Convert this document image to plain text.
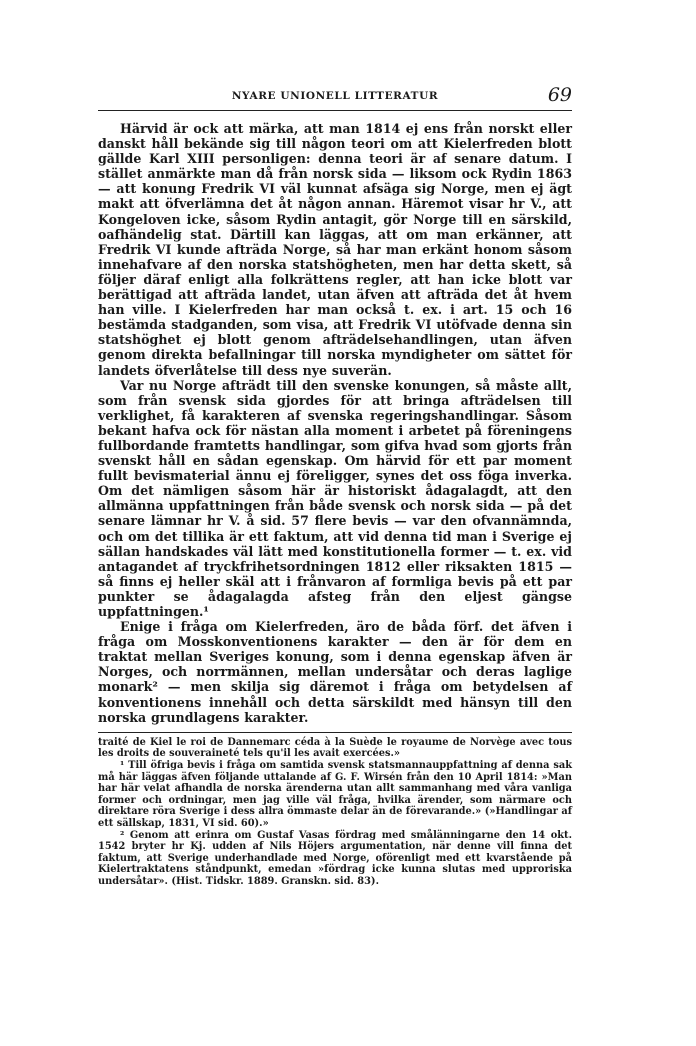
NYARE UNIONELL LITTERATUR	69

Härvid är ock att märka, att man 1814 ej ens från norskt eller danskt håll bekände sig till någon teori om att Kielerfreden blott gällde Karl XIII personligen: denna teori är af senare datum. I stället anmärkte man då från norsk sida — liksom ock Rydin 1863 — att konung Fredrik VI väl kunnat afsäga sig Norge, men ej ägt makt att öfverlämna det åt någon annan. Häremot visar hr V., att Kongeloven icke, såsom Rydin antagit, gör Norge till en särskild, oafhändelig stat. Därtill kan läggas, att om man erkänner, att Fredrik VI kunde afträda Norge, så har man erkänt honom såsom innehafvare af den norska statshögheten, men har detta skett, så följer däraf enligt alla folkrättens regler, att han icke blott var berättigad att afträda landet, utan äfven att afträda det åt hvem han ville. I Kielerfreden har man också t. ex. i art. 15 och 16 bestämda stadganden, som visa, att Fredrik VI utöfvade denna sin statshöghet ej blott genom afträdelsehandlingen, utan äfven genom direkta befallningar till norska myndigheter om sättet för landets öfverlåtelse till dess nye suverän.

Var nu Norge afträdt till den svenske konungen, så måste allt, som från svensk sida gjordes för att bringa afträdelsen till verklighet, få karakteren af svenska regeringshandlingar. Såsom bekant hafva ock för nästan alla moment i arbetet på föreningens fullbordande framtetts handlingar, som gifva hvad som gjorts från svenskt håll en sådan egenskap. Om härvid för ett par moment fullt bevismaterial ännu ej föreligger, synes det oss föga inverka. Om det nämligen såsom här är historiskt ådagalagdt, att den allmänna uppfattningen från både svensk och norsk sida — på det senare lämnar hr V. å sid. 57 flere bevis — var den ofvannämnda, och om det tillika är ett faktum, att vid denna tid man i Sverige ej sällan handskades väl lätt med konstitutionella former — t. ex. vid antagandet af tryckfrihetsordningen 1812 eller riksakten 1815 — så finns ej heller skäl att i frånvaron af formliga bevis på ett par punkter se ådagalagda afsteg från den eljest gängse uppfattningen.¹

Enige i fråga om Kielerfreden, äro de båda förf. det äfven i fråga om Mosskonventionens karakter — den är för dem en traktat mellan Sveriges konung, som i denna egenskap äfven är Norges, och norrmännen, mellan undersåtar och deras laglige monark² — men skilja sig däremot i fråga om betydelsen af konventionens innehåll och detta särskildt med hänsyn till den norska grundlagens karakter.

traité de Kiel le roi de Dannemarc céda à la Suède le royaume de Norvège avec tous les droits de souveraineté tels qu'il les avait exercées.»

¹ Till öfriga bevis i fråga om samtida svensk statsmannauppfattning af denna sak må här läggas äfven följande uttalande af G. F. Wirsén från den 10 April 1814: »Man har här velat afhandla de norska ärenderna utan allt sammanhang med våra vanliga former och ordningar, men jag ville väl fråga, hvilka ärender, som närmare och direktare röra Sverige i dess allra ömmaste delar än de förevarande.» (»Handlingar af ett sällskap, 1831, VI sid. 60).»

² Genom att erinra om Gustaf Vasas fördrag med smålänningarne den 14 okt. 1542 bryter hr Kj. udden af Nils Höjers argumentation, när denne vill finna det faktum, att Sverige underhandlade med Norge, oförenligt med ett kvarstående på Kielertraktatens ståndpunkt, emedan »fördrag icke kunna slutas med upproriska undersåtar». (Hist. Tidskr. 1889. Granskn. sid. 83).
